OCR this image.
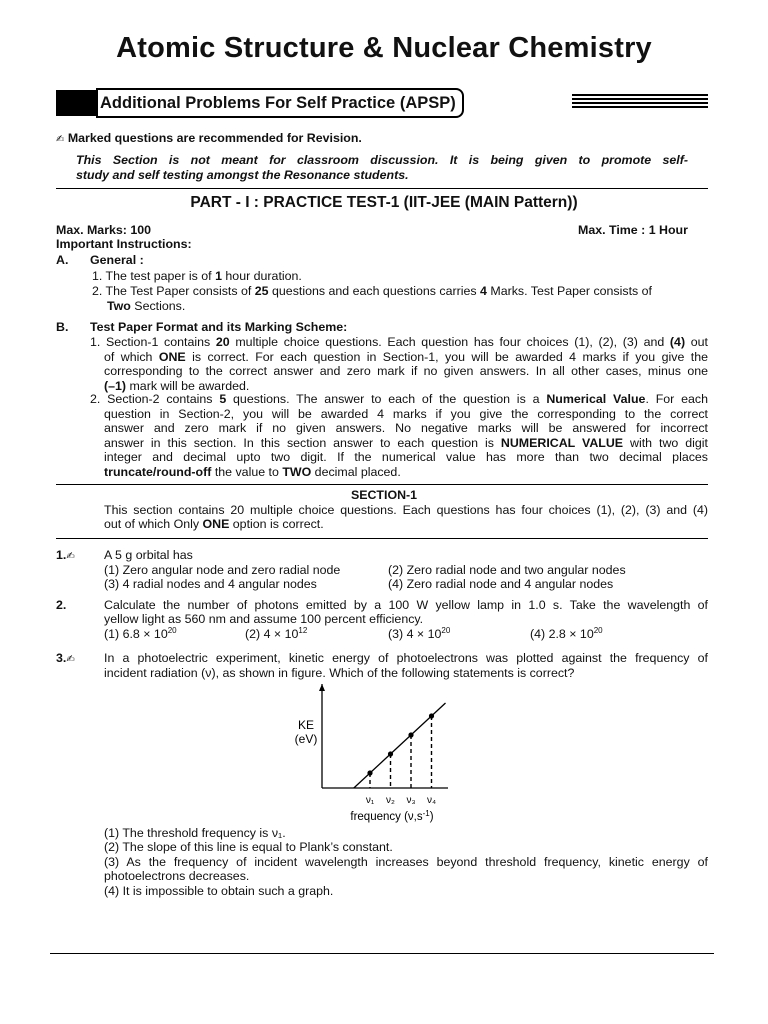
Atomic Structure & Nuclear Chemistry
Additional Problems For Self Practice (APSP)
✍ Marked questions are recommended for Revision.
This Section is not meant for classroom discussion. It is being given to promote self-
study and self testing amongst the Resonance students.
PART - I : PRACTICE TEST-1 (IIT-JEE (MAIN Pattern))
Max. Marks: 100	Max. Time : 1 Hour
Important Instructions:
A. General :
1. The test paper is of 1 hour duration.
2. The Test Paper consists of 25 questions and each questions carries 4 Marks. Test Paper consists of
Two Sections.
B. Test Paper Format and its Marking Scheme:
1. Section-1 contains 20 multiple choice questions. Each question has four choices (1), (2), (3) and (4) out
of which ONE is correct. For each question in Section-1, you will be awarded 4 marks if you give the
corresponding to the correct answer and zero mark if no given answers. In all other cases, minus one
(–1) mark will be awarded.
2. Section-2 contains 5 questions. The answer to each of the question is a Numerical Value. For each
question in Section-2, you will be awarded 4 marks if you give the corresponding to the correct
answer and zero mark if no given answers. No negative marks will be answered for incorrect
answer in this section. In this section answer to each question is NUMERICAL VALUE with two digit
integer and decimal upto two digit. If the numerical value has more than two decimal places
truncate/round-off the value to TWO decimal placed.
SECTION-1
This section contains 20 multiple choice questions. Each questions has four choices (1), (2), (3) and (4)
out of which Only ONE option is correct.
1.✍ A 5 g orbital has
(1) Zero angular node and zero radial node	(2) Zero radial node and two angular nodes
(3) 4 radial nodes and 4 angular nodes	(4) Zero radial node and 4 angular nodes
2.	Calculate the number of photons emitted by a 100 W yellow lamp in 1.0 s. Take the wavelength of
yellow light as 560 nm and assume 100 percent efficiency.
(1) $6.8 \times 10^{20}$	(2) $4 \times 10^{12}$	(3) $4 \times 10^{20}$	(4) $2.8 \times 10^{20}$
3.✍ In a photoelectric experiment, kinetic energy of photoelectrons was plotted against the frequency of
incident radiation (ν), as shown in figure. Which of the following statements is correct?
KE
(eV)
ν₁ ν₂ ν₃ ν₄
frequency $(\nu,s^{-1})$
(1) The threshold frequency is ν₁.
(2) The slope of this line is equal to Plank’s constant.
(3) As the frequency of incident wavelength increases beyond threshold frequency, kinetic energy of
photoelectrons decreases.
(4) It is impossible to obtain such a graph.
